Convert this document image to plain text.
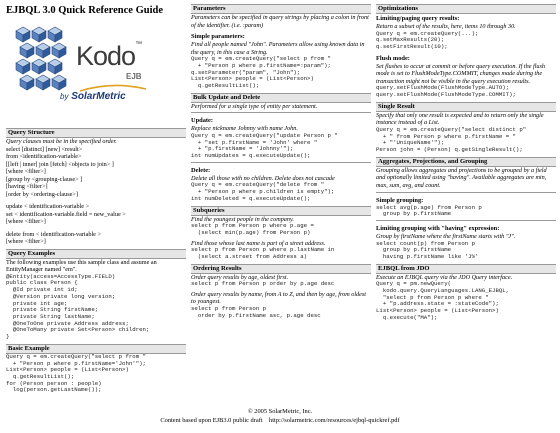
EJBQL 3.0 Quick Reference Guide
Kodo™
EJB
by SolarMetric
Query Structure
Query clauses must be in the specified order.

select [distinct] [new] <result>

from <identification-variable>

[[left | inner] join [fetch] <objects to join> ]

[where <filter>]

[group by <grouping-clause> ]

[having <filter>]

[order by <ordering-clause>]

update < identification-variable >

set < identification-variable.field = new_value >

[where <filter>]

delete from < identification-variable >

[where <filter>]

Query Examples
The following examples use this sample class and assume an EntityManager named "em".
@Entity(access=AccessType.FIELD)
public class Person {
@Id private int id;
@Version private long version;
private int age;
private String firstName;
private String lastName;
@OneToOne private Address address;
@OneToMany private Set<Person> children;
}
Basic Example
Query q = em.createQuery("select p from "
+ "Person p where p.firstName='John'");
List<Person> people = (List<Person>)
q.getResultList();
for (Person person : people)
log(person.getLastName());
Parameters
Parameters can be specified in query strings by placing a colon in front of the identifier. (i.e. :param)
Simple parameters:
Find all people named "John". Parameters allow using known data in the query, in this case a String.
Query q = em.createQuery("select p from "
+ "Person p where p.firstName=:param");
q.setParameter("param", "John");
List<Person> people = (List<Person>)
q.getResultList();
Bulk Update and Delete
Performed for a single type of entity per statement.
Update:
Replace nickname Johnny with name John.
Query q = em.createQuery("update Person p "
+ "set p.firstName = 'John' where "
+ "p.firstName = 'Johnny'");
int numUpdates = q.executeUpdate();
Delete:
Delete all those with no children. Delete does not cascade
Query q = em.createQuery("delete from "
+ "Person p where p.children is empty");
int numDeleted = q.executeUpdate();
Subqueries
Find the youngest people in the company.
select p from Person p where p.age =
(select min(p.age) from Person p)
Find those whose last name is part of a street address.
select p from Person p where p.lastName in
(select a.street from Address a)
Ordering Results
Order query results by age, oldest first.
select p from Person p order by p.age desc
Order query results by name, from A to Z, and then by age, from oldest to youngest.
select p from Person p
order by p.firstName asc, p.age desc
Optimizations
Limiting/paging query results:
Return a subset of the results, here, items 10 through 30.
Query q = em.createQuery(...);
q.setMaxResults(20);
q.setFirstResult(10);
Flush mode:
Set flushes to occur at commit or before query execution. If the flush mode is set to FlushModeType.COMMIT, changes made during the transaction might not be visible in the query execution results.
query.setFlushMode(FlushModeType.AUTO);
query.setFlushMode(FlushModeType.COMMIT);
Single Result
Specify that only one result is expected and to return only the single instance instead of a List.
Query q = em.createQuery("select distinct p"
+ " from Person p where p.firstName = "
+ "'UniqueName'");
Person john = (Person) q.getSingleResult();
Aggregates, Projections, and Grouping
Grouping allows aggregates and projections to be grouped by a field and optionally limited using "having". Available aggregates are min, max, sum, avg, and count.
Simple grouping:
select avg(p.age) from Person p
group by p.firstName
Limiting grouping with "having" expression:
Group by firstName where the firstName starts with "J".
select count(p) from Person p
group by p.firstName
having p.firstName like 'J%'
EJBQL from JDO
Execute an EJBQL query via the JDO Query interface.
Query q = pm.newQuery(
kodo.query.QueryLanguages.LANG_EJBQL,
"select p from Person p where "
+ "p.address.state = :stateCode");
List<Person> people = (List<Person>)
q.execute("MA");
© 2005 SolarMetric, Inc.
Content based upon EJB3.0 public draft    http://solarmetric.com/resources/ejbql-quickref.pdf
